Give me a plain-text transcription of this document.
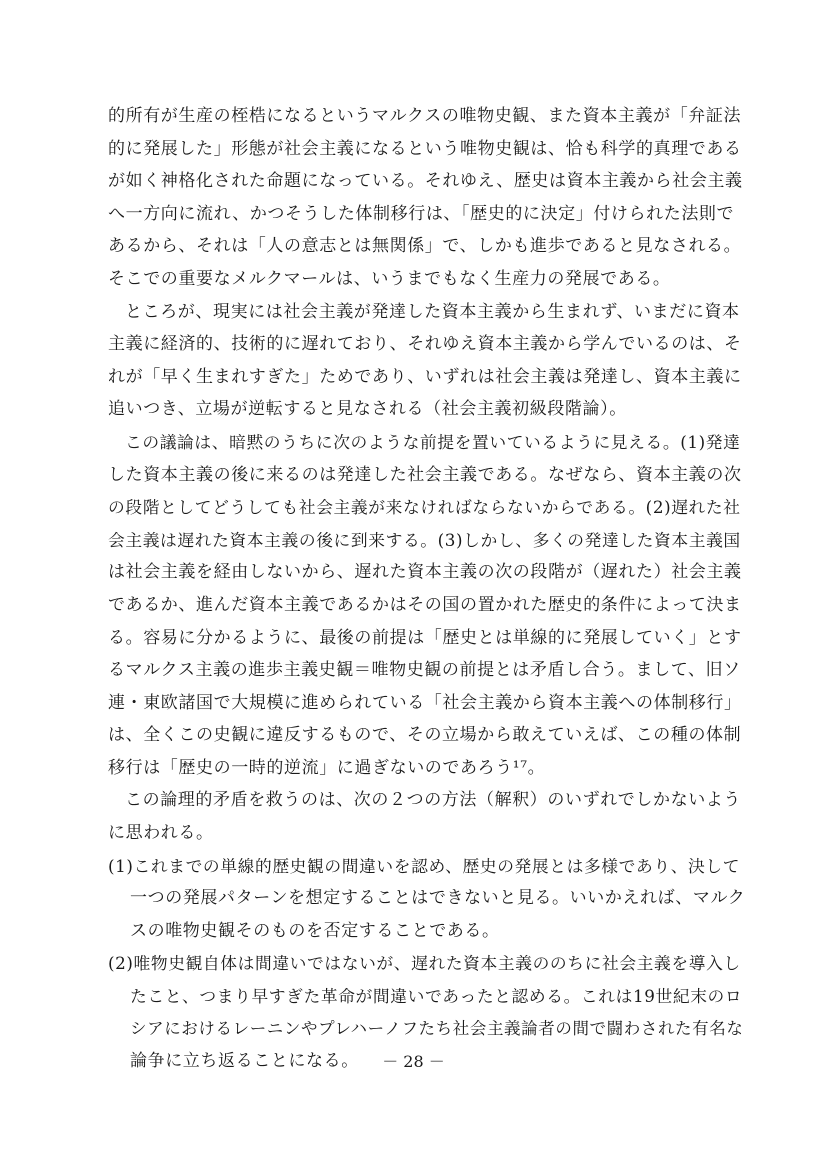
的所有が生産の桎梏になるというマルクスの唯物史観、また資本主義が「弁証法
的に発展した」形態が社会主義になるという唯物史観は、恰も科学的真理である
が如く神格化された命題になっている。それゆえ、歴史は資本主義から社会主義
へ一方向に流れ、かつそうした体制移行は、「歴史的に決定」付けられた法則で
あるから、それは「人の意志とは無関係」で、しかも進歩であると見なされる。
そこでの重要なメルクマールは、いうまでもなく生産力の発展である。
ところが、現実には社会主義が発達した資本主義から生まれず、いまだに資本
主義に経済的、技術的に遅れており、それゆえ資本主義から学んでいるのは、そ
れが「早く生まれすぎた」ためであり、いずれは社会主義は発達し、資本主義に
追いつき、立場が逆転すると見なされる（社会主義初級段階論）。
この議論は、暗黙のうちに次のような前提を置いているように見える。(1)発達
した資本主義の後に来るのは発達した社会主義である。なぜなら、資本主義の次
の段階としてどうしても社会主義が来なければならないからである。(2)遅れた社
会主義は遅れた資本主義の後に到来する。(3)しかし、多くの発達した資本主義国
は社会主義を経由しないから、遅れた資本主義の次の段階が（遅れた）社会主義
であるか、進んだ資本主義であるかはその国の置かれた歴史的条件によって決ま
る。容易に分かるように、最後の前提は「歴史とは単線的に発展していく」とす
るマルクス主義の進歩主義史観＝唯物史観の前提とは矛盾し合う。まして、旧ソ
連・東欧諸国で大規模に進められている「社会主義から資本主義への体制移行」
は、全くこの史観に違反するもので、その立場から敢えていえば、この種の体制
移行は「歴史の一時的逆流」に過ぎないのであろう¹⁷。
この論理的矛盾を救うのは、次の２つの方法（解釈）のいずれでしかないよう
に思われる。
(1)これまでの単線的歴史観の間違いを認め、歴史の発展とは多様であり、決して
一つの発展パターンを想定することはできないと見る。いいかえれば、マルク
スの唯物史観そのものを否定することである。
(2)唯物史観自体は間違いではないが、遅れた資本主義ののちに社会主義を導入し
たこと、つまり早すぎた革命が間違いであったと認める。これは19世紀末のロ
シアにおけるレーニンやプレハーノフたち社会主義論者の間で闘わされた有名な
論争に立ち返ることになる。	－ 28 －
